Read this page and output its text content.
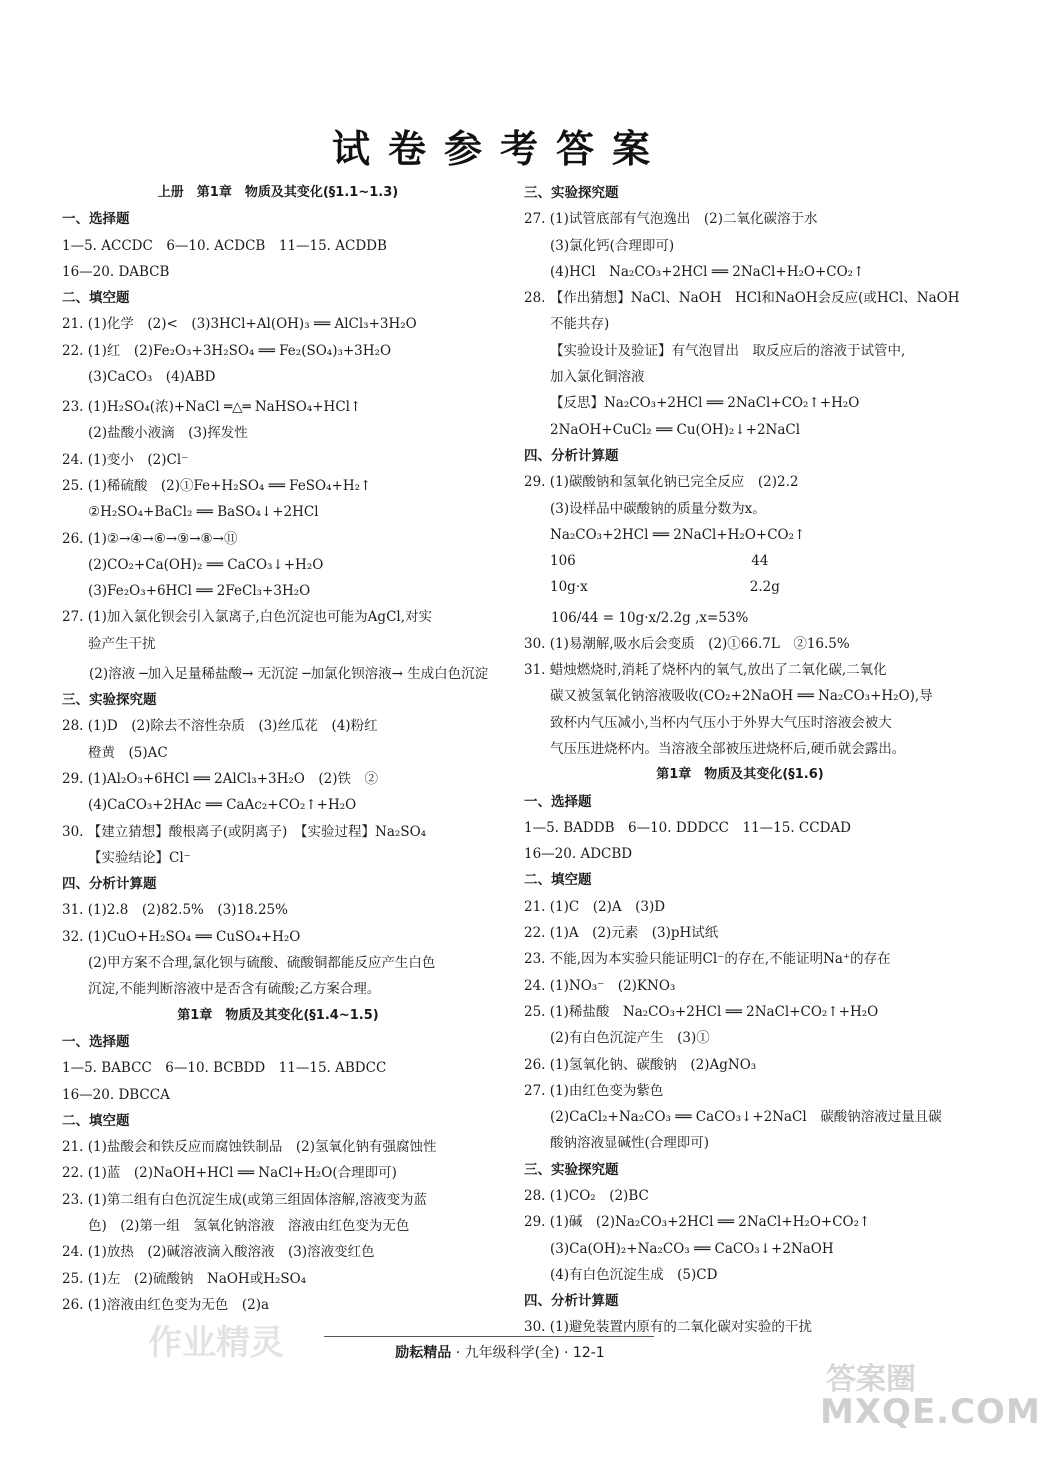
试卷参考答案
上册　第1章　物质及其变化(§1.1~1.3)
一、选择题
1—5. ACCDC　6—10. ACDCB　11—15. ACDDB
16—20. DABCB
二、填空题
21. (1)化学　(2)<　(3)3HCl+Al(OH)₃ ══ AlCl₃+3H₂O
22. (1)红　(2)Fe₂O₃+3H₂SO₄ ══ Fe₂(SO₄)₃+3H₂O
(3)CaCO₃　(4)ABD
23. (1)H₂SO₄(浓)+NaCl ═△═ NaHSO₄+HCl↑
(2)盐酸小液滴　(3)挥发性
24. (1)变小　(2)Cl⁻
25. (1)稀硫酸　(2)①Fe+H₂SO₄ ══ FeSO₄+H₂↑
②H₂SO₄+BaCl₂ ══ BaSO₄↓+2HCl
26. (1)②→④→⑥→⑨→⑧→⑪
(2)CO₂+Ca(OH)₂ ══ CaCO₃↓+H₂O
(3)Fe₂O₃+6HCl ══ 2FeCl₃+3H₂O
27. (1)加入氯化钡会引入氯离子,白色沉淀也可能为AgCl,对实
验产生干扰
　　(2)溶液 ─加入足量稀盐酸→ 无沉淀 ─加氯化钡溶液→ 生成白色沉淀
三、实验探究题
28. (1)D　(2)除去不溶性杂质　(3)丝瓜花　(4)粉红
橙黄　(5)AC
29. (1)Al₂O₃+6HCl ══ 2AlCl₃+3H₂O　(2)铁　②
(4)CaCO₃+2HAc ══ CaAc₂+CO₂↑+H₂O
30. 【建立猜想】酸根离子(或阴离子)　【实验过程】Na₂SO₄
【实验结论】Cl⁻
四、分析计算题
31. (1)2.8　(2)82.5%　(3)18.25%
32. (1)CuO+H₂SO₄ ══ CuSO₄+H₂O
(2)甲方案不合理,氯化钡与硫酸、硫酸铜都能反应产生白色
沉淀,不能判断溶液中是否含有硫酸;乙方案合理。
第1章　物质及其变化(§1.4~1.5)
一、选择题
1—5. BABCC　6—10. BCBDD　11—15. ABDCC
16—20. DBCCA
二、填空题
21. (1)盐酸会和铁反应而腐蚀铁制品　(2)氢氧化钠有强腐蚀性
22. (1)蓝　(2)NaOH+HCl ══ NaCl+H₂O(合理即可)
23. (1)第二组有白色沉淀生成(或第三组固体溶解,溶液变为蓝
色)　(2)第一组　氢氧化钠溶液　溶液由红色变为无色
24. (1)放热　(2)碱溶液滴入酸溶液　(3)溶液变红色
25. (1)左　(2)硫酸钠　NaOH或H₂SO₄
26. (1)溶液由红色变为无色　(2)a
三、实验探究题
27. (1)试管底部有气泡逸出　(2)二氧化碳溶于水
(3)氯化钙(合理即可)
(4)HCl　Na₂CO₃+2HCl ══ 2NaCl+H₂O+CO₂↑
28. 【作出猜想】NaCl、NaOH　HCl和NaOH会反应(或HCl、NaOH
不能共存)
【实验设计及验证】有气泡冒出　取反应后的溶液于试管中,
加入氯化铜溶液
【反思】Na₂CO₃+2HCl ══ 2NaCl+CO₂↑+H₂O
2NaOH+CuCl₂ ══ Cu(OH)₂↓+2NaCl
四、分析计算题
29. (1)碳酸钠和氢氧化钠已完全反应　(2)2.2
(3)设样品中碳酸钠的质量分数为x。
Na₂CO₃+2HCl ══ 2NaCl+H₂O+CO₂↑
106　　　　　　　　　　　　　44
10g·x　　　　　　　　　　　　2.2g
　　106/44 = 10g·x/2.2g ,x=53%
30. (1)易潮解,吸水后会变质　(2)①66.7L　②16.5%
31. 蜡烛燃烧时,消耗了烧杯内的氧气,放出了二氧化碳,二氧化
碳又被氢氧化钠溶液吸收(CO₂+2NaOH ══ Na₂CO₃+H₂O),导
致杯内气压减小,当杯内气压小于外界大气压时溶液会被大
气压压进烧杯内。当溶液全部被压进烧杯后,硬币就会露出。
第1章　物质及其变化(§1.6)
一、选择题
1—5. BADDB　6—10. DDDCC　11—15. CCDAD
16—20. ADCBD
二、填空题
21. (1)C　(2)A　(3)D
22. (1)A　(2)元素　(3)pH试纸
23. 不能,因为本实验只能证明Cl⁻的存在,不能证明Na⁺的存在
24. (1)NO₃⁻　(2)KNO₃
25. (1)稀盐酸　Na₂CO₃+2HCl ══ 2NaCl+CO₂↑+H₂O
(2)有白色沉淀产生　(3)①
26. (1)氢氧化钠、碳酸钠　(2)AgNO₃
27. (1)由红色变为紫色
(2)CaCl₂+Na₂CO₃ ══ CaCO₃↓+2NaCl　碳酸钠溶液过量且碳
酸钠溶液显碱性(合理即可)
三、实验探究题
28. (1)CO₂　(2)BC
29. (1)碱　(2)Na₂CO₃+2HCl ══ 2NaCl+H₂O+CO₂↑
(3)Ca(OH)₂+Na₂CO₃ ══ CaCO₃↓+2NaOH
(4)有白色沉淀生成　(5)CD
四、分析计算题
30. (1)避免装置内原有的二氧化碳对实验的干扰
励耘精品 · 九年级科学(全) · 12-1
作业精灵
答案圈
MXQE.COM
